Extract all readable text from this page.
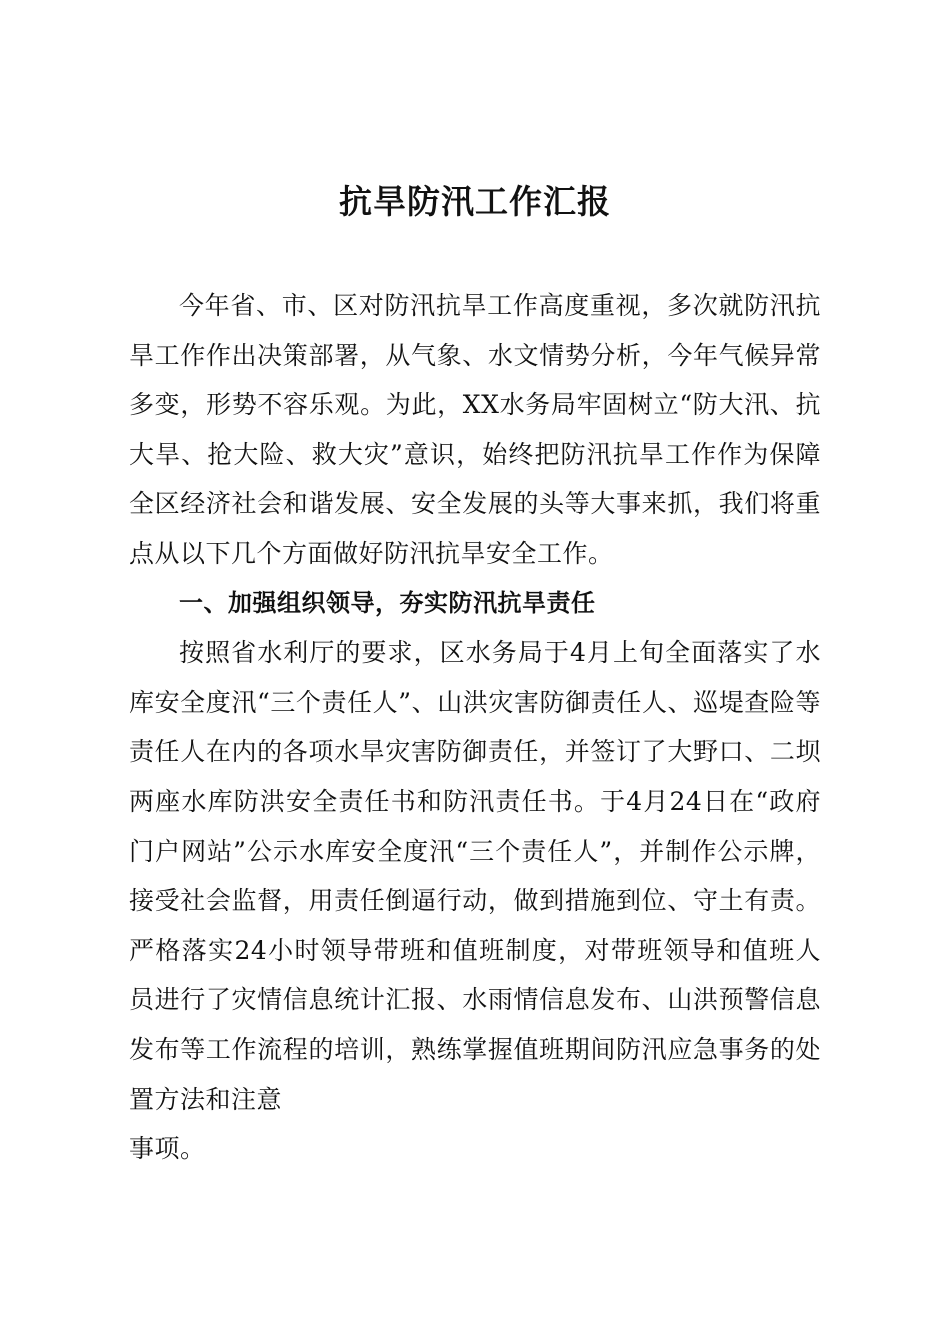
抗旱防汛工作汇报

今年省、市、区对防汛抗旱工作高度重视，多次就防汛抗旱工作作出决策部署，从气象、水文情势分析，今年气候异常多变，形势不容乐观。为此，XX水务局牢固树立“防大汛、抗大旱、抢大险、救大灾”意识，始终把防汛抗旱工作作为保障全区经济社会和谐发展、安全发展的头等大事来抓，我们将重点从以下几个方面做好防汛抗旱安全工作。

一、加强组织领导，夯实防汛抗旱责任

按照省水利厅的要求，区水务局于4月上旬全面落实了水库安全度汛“三个责任人”、山洪灾害防御责任人、巡堤查险等责任人在内的各项水旱灾害防御责任，并签订了大野口、二坝两座水库防洪安全责任书和防汛责任书。于4月24日在“政府门户网站”公示水库安全度汛“三个责任人”，并制作公示牌，接受社会监督，用责任倒逼行动，做到措施到位、守土有责。严格落实24小时领导带班和值班制度，对带班领导和值班人员进行了灾情信息统计汇报、水雨情信息发布、山洪预警信息发布等工作流程的培训，熟练掌握值班期间防汛应急事务的处置方法和注意

事项。
